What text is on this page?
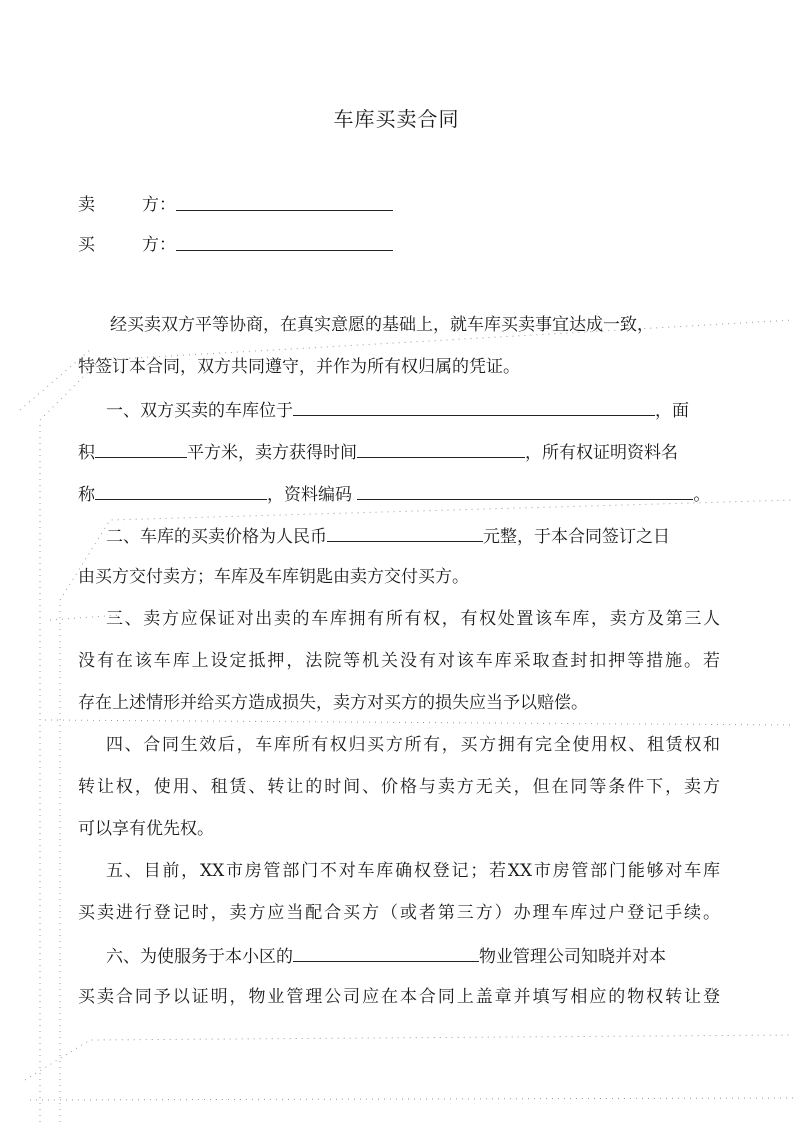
车库买卖合同
卖	方：
买	方：
经买卖双方平等协商，在真实意愿的基础上，就车库买卖事宜达成一致，
特签订本合同，双方共同遵守，并作为所有权归属的凭证。
一、双方买卖的车库位于	，面
积	平方米，卖方获得时间	，所有权证明资料名
称	，资料编码	。
二、车库的买卖价格为人民币	元整，于本合同签订之日
由买方交付卖方；车库及车库钥匙由卖方交付买方。
三、卖方应保证对出卖的车库拥有所有权，有权处置该车库，卖方及第三人
没有在该车库上设定抵押，法院等机关没有对该车库采取查封扣押等措施。若
存在上述情形并给买方造成损失，卖方对买方的损失应当予以赔偿。
四、合同生效后，车库所有权归买方所有，买方拥有完全使用权、租赁权和
转让权，使用、租赁、转让的时间、价格与卖方无关，但在同等条件下，卖方
可以享有优先权。
五、目前，XX市房管部门不对车库确权登记；若XX市房管部门能够对车库
买卖进行登记时，卖方应当配合买方（或者第三方）办理车库过户登记手续。
六、为使服务于本小区的	物业管理公司知晓并对本
买卖合同予以证明，物业管理公司应在本合同上盖章并填写相应的物权转让登
